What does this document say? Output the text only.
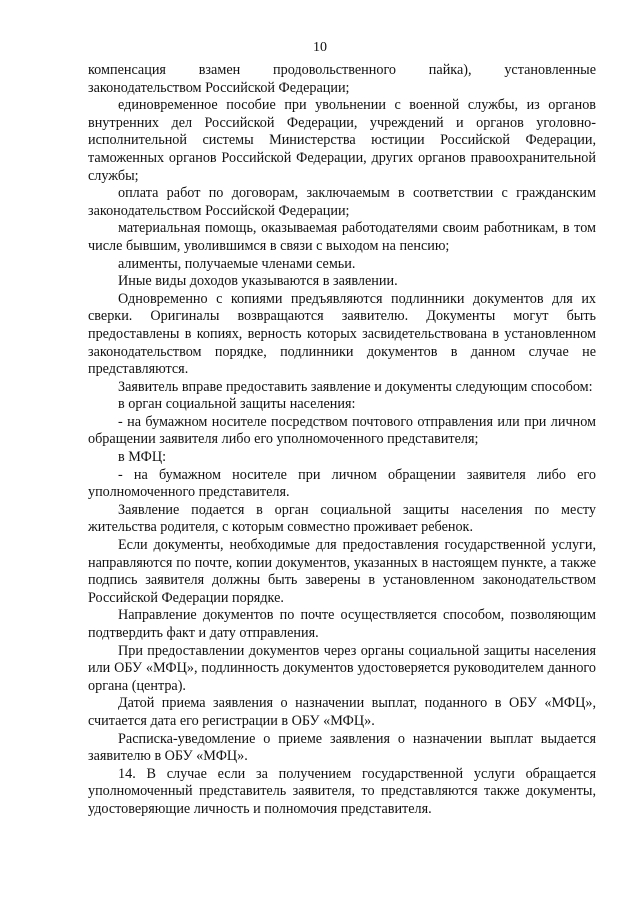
10

компенсация взамен продовольственного пайка), установленные законодательством Российской Федерации;

единовременное пособие при увольнении с военной службы, из органов внутренних дел Российской Федерации, учреждений и органов уголовно-исполнительной системы Министерства юстиции Российской Федерации, таможенных органов Российской Федерации, других органов правоохранительной службы;

оплата работ по договорам, заключаемым в соответствии с гражданским законодательством Российской Федерации;

материальная помощь, оказываемая работодателями своим работникам, в том числе бывшим, уволившимся в связи с выходом на пенсию;

алименты, получаемые членами семьи.

Иные виды доходов указываются в заявлении.

Одновременно с копиями предъявляются подлинники документов для их сверки. Оригиналы возвращаются заявителю. Документы могут быть предоставлены в копиях, верность которых засвидетельствована в установленном законодательством порядке, подлинники документов в данном случае не представляются.

Заявитель вправе предоставить заявление и документы следующим способом:

в орган социальной защиты населения:

- на бумажном носителе посредством почтового отправления или при личном обращении заявителя либо его уполномоченного представителя;

в МФЦ:

- на бумажном носителе при личном обращении заявителя либо его уполномоченного представителя.

Заявление подается в орган социальной защиты населения по месту жительства родителя, с которым совместно проживает ребенок.

Если документы, необходимые для предоставления государственной услуги, направляются по почте, копии документов, указанных в настоящем пункте, а также подпись заявителя должны быть заверены в установленном законодательством Российской Федерации порядке.

Направление документов по почте осуществляется способом, позволяющим подтвердить факт и дату отправления.

При предоставлении документов через органы социальной защиты населения или ОБУ «МФЦ», подлинность документов удостоверяется руководителем данного органа (центра).

Датой приема заявления о назначении выплат, поданного в ОБУ «МФЦ», считается дата его регистрации в ОБУ «МФЦ».

Расписка-уведомление о приеме заявления о назначении выплат выдается заявителю в ОБУ «МФЦ».

14. В случае если за получением государственной услуги обращается уполномоченный представитель заявителя, то представляются также документы, удостоверяющие личность и полномочия представителя.
